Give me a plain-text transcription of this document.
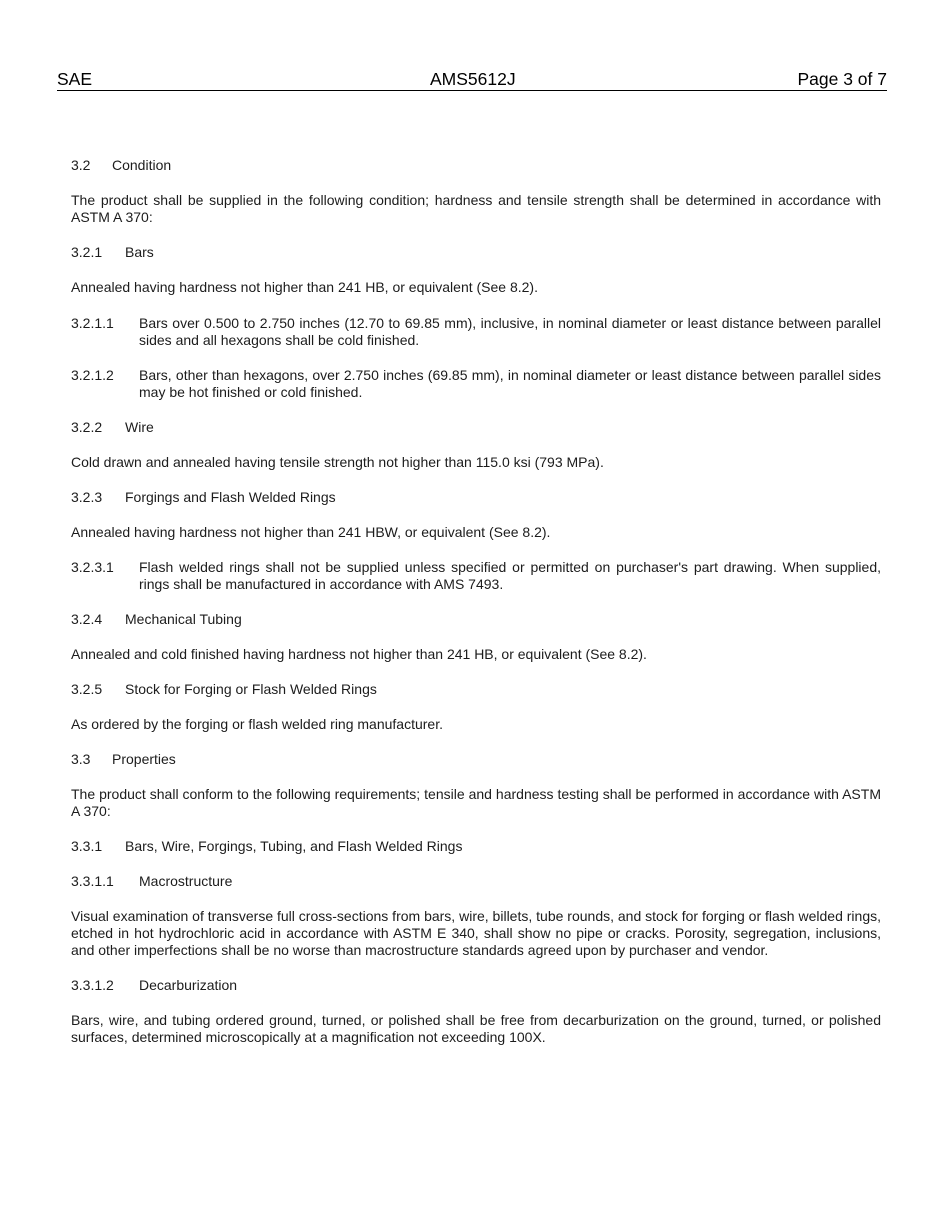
SAE	AMS5612J	Page 3 of 7
3.2	Condition

The product shall be supplied in the following condition; hardness and tensile strength shall be determined in accordance with ASTM A 370:

3.2.1	Bars

Annealed having hardness not higher than 241 HB, or equivalent (See 8.2).

3.2.1.1	Bars over 0.500 to 2.750 inches (12.70 to 69.85 mm), inclusive, in nominal diameter or least distance between parallel sides and all hexagons shall be cold finished.
3.2.1.2	Bars, other than hexagons, over 2.750 inches (69.85 mm), in nominal diameter or least distance between parallel sides may be hot finished or cold finished.
3.2.2	Wire

Cold drawn and annealed having tensile strength not higher than 115.0 ksi (793 MPa).

3.2.3	Forgings and Flash Welded Rings

Annealed having hardness not higher than 241 HBW, or equivalent (See 8.2).

3.2.3.1	Flash welded rings shall not be supplied unless specified or permitted on purchaser's part drawing. When supplied, rings shall be manufactured in accordance with AMS 7493.
3.2.4	Mechanical Tubing

Annealed and cold finished having hardness not higher than 241 HB, or equivalent (See 8.2).

3.2.5	Stock for Forging or Flash Welded Rings

As ordered by the forging or flash welded ring manufacturer.

3.3	Properties

The product shall conform to the following requirements; tensile and hardness testing shall be performed in accordance with ASTM A 370:

3.3.1	Bars, Wire, Forgings, Tubing, and Flash Welded Rings
3.3.1.1	Macrostructure

Visual examination of transverse full cross-sections from bars, wire, billets, tube rounds, and stock for forging or flash welded rings, etched in hot hydrochloric acid in accordance with ASTM E 340, shall show no pipe or cracks. Porosity, segregation, inclusions, and other imperfections shall be no worse than macrostructure standards agreed upon by purchaser and vendor.

3.3.1.2	Decarburization

Bars, wire, and tubing ordered ground, turned, or polished shall be free from decarburization on the ground, turned, or polished surfaces, determined microscopically at a magnification not exceeding 100X.
